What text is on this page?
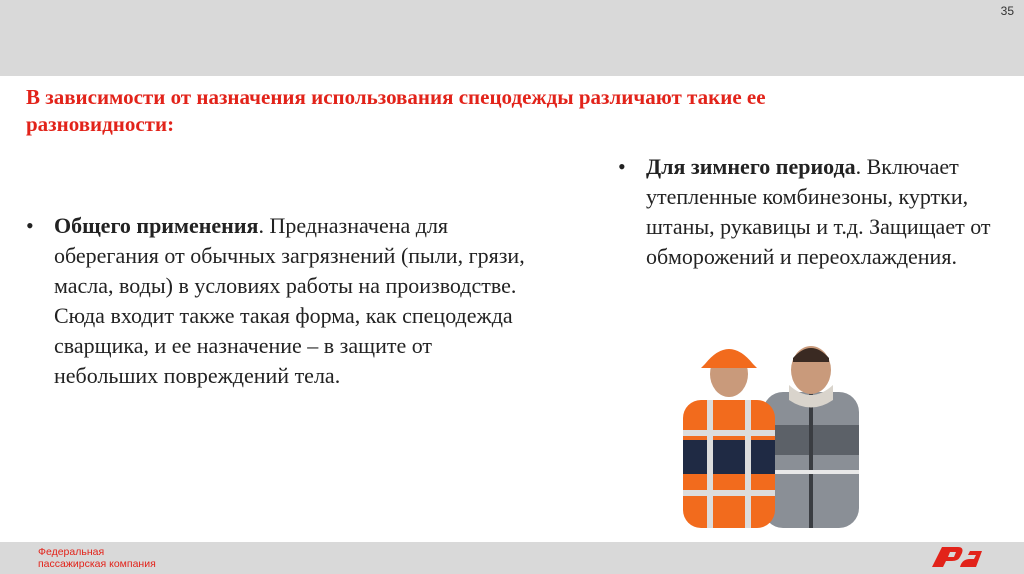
35
В зависимости от назначения использования спецодежды различают такие ее разновидности:
• Общего применения. Предназначена для оберегания от обычных загрязнений (пыли, грязи, масла, воды) в условиях работы на производстве. Сюда входит также такая форма, как спецодежда сварщика, и ее назначение – в защите от небольших повреждений тела.
• Для зимнего периода. Включает утепленные комбинезоны, куртки, штаны, рукавицы и т.д. Защищает от обморожений и переохлаждения.
Федеральная
пассажирская компания
